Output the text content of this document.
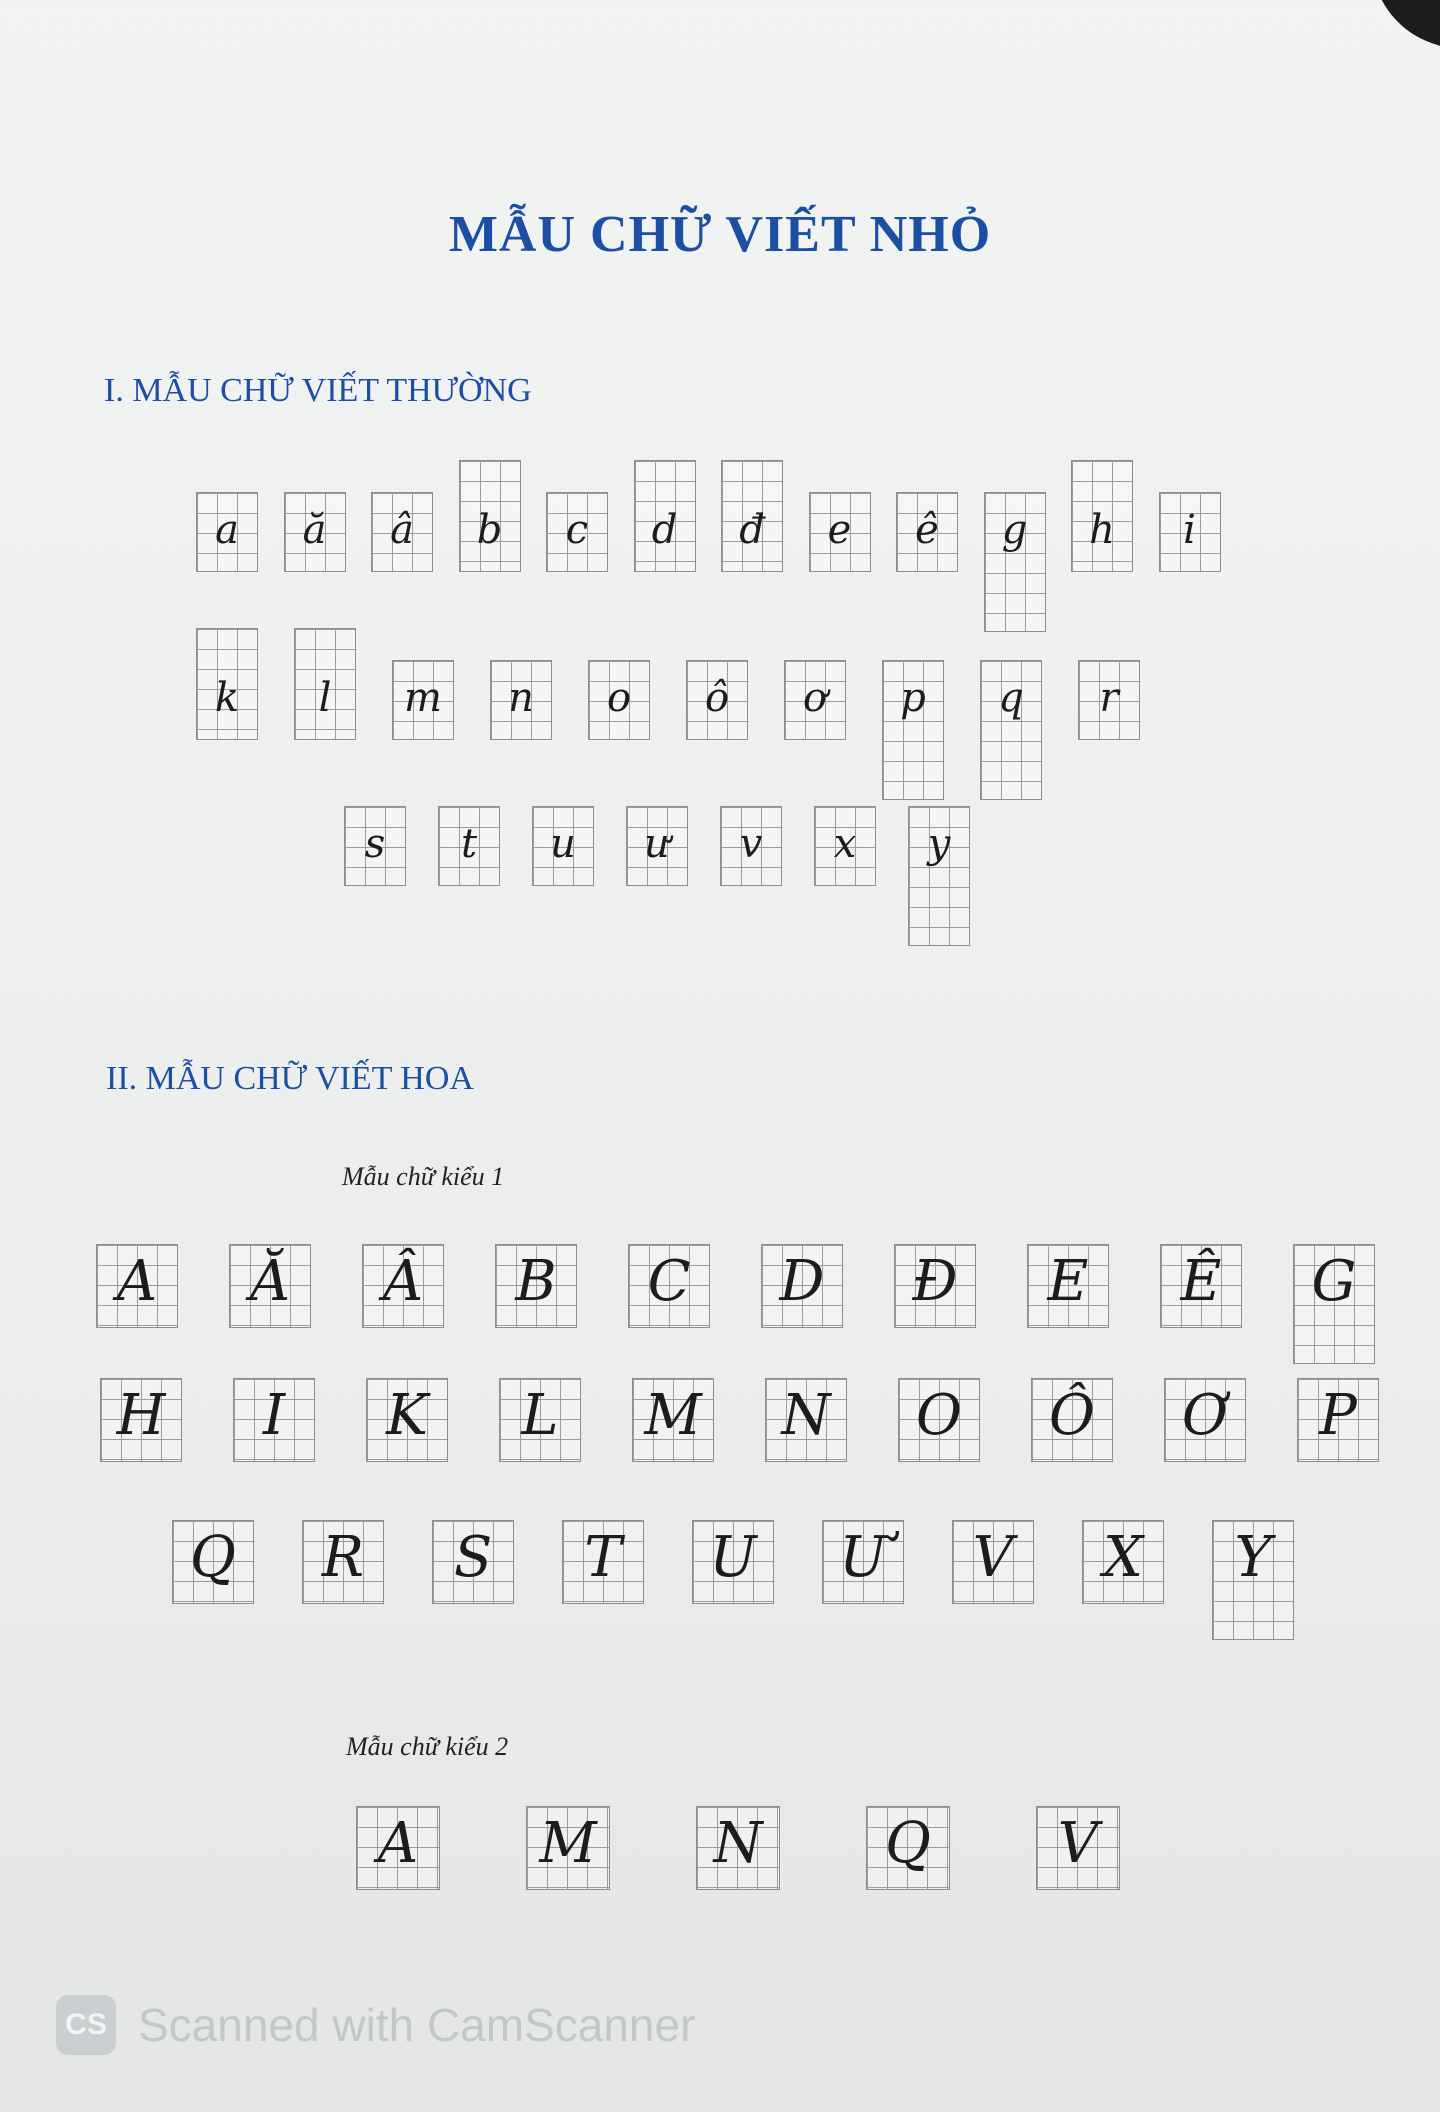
MẪU CHỮ VIẾT NHỎ
I. MẪU CHỮ VIẾT THƯỜNG
a	ă	â	b	c	d	đ	e	ê	g	h	i
k	l	m	n	o	ô	ơ	p	q	r
s	t	u	ư	v	x	y
II. MẪU CHỮ VIẾT HOA
Mẫu chữ kiểu 1
A	Ă	Â	B	C	D	Đ	E	Ê	G
H	I	K	L	M N	O	Ô	Ơ	P
Q	R	S	T	U Ư	V	X	Y
Mẫu chữ kiểu 2
A	M N	Q	V
CS Scanned with CamScanner
